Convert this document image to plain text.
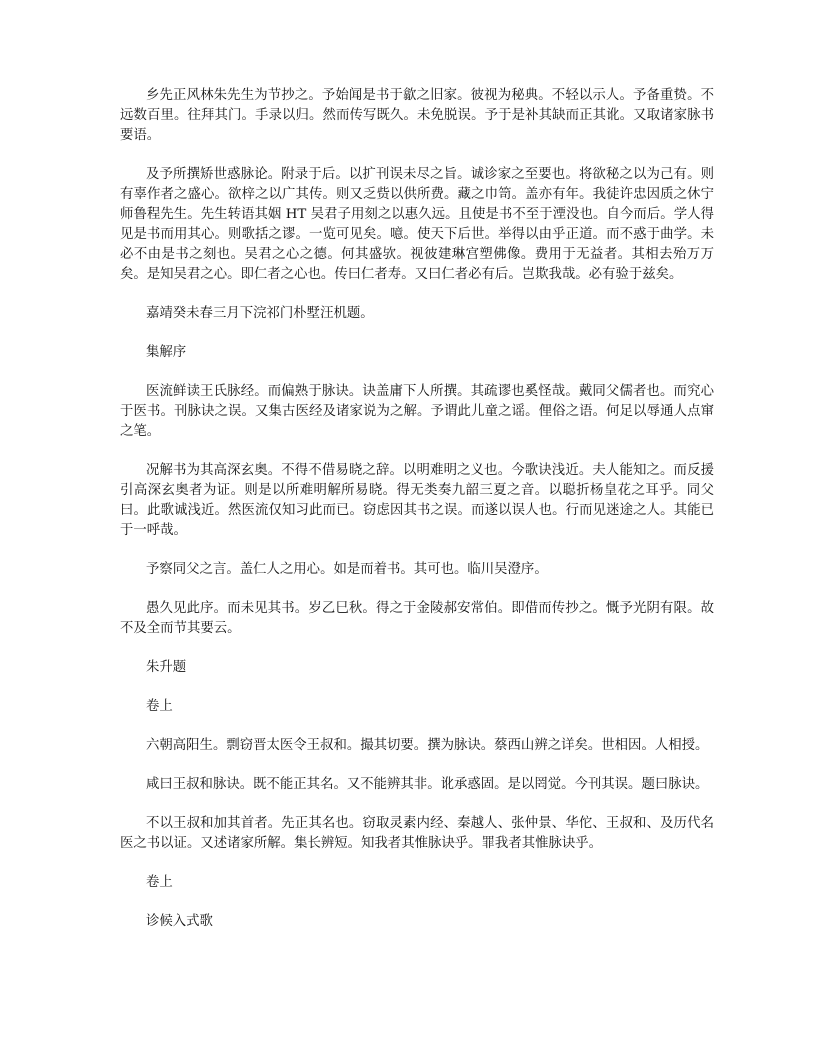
乡先正风林朱先生为节抄之。予始闻是书于歙之旧家。彼视为秘典。不轻以示人。予备重贽。不远数百里。往拜其门。手录以归。然而传写既久。未免脱误。予于是补其缺而正其讹。又取诸家脉书要语。

及予所撰矫世惑脉论。附录于后。以扩刊误未尽之旨。诚诊家之至要也。将欲秘之以为己有。则有辜作者之盛心。欲梓之以广其传。则又乏赀以供所费。藏之巾笥。盖亦有年。我徒许忠因质之休宁师鲁程先生。先生转语其姻 HT 吴君子用刻之以惠久远。且使是书不至于湮没也。自今而后。学人得见是书而用其心。则歌括之谬。一览可见矣。噫。使天下后世。举得以由乎正道。而不惑于曲学。未必不由是书之刻也。吴君之心之德。何其盛欤。视彼建琳宫塑佛像。费用于无益者。其相去殆万万矣。是知吴君之心。即仁者之心也。传曰仁者寿。又曰仁者必有后。岂欺我哉。必有验于兹矣。

嘉靖癸未春三月下浣祁门朴墅汪机题。

集解序

医流鲜读王氏脉经。而偏熟于脉诀。诀盖庸下人所撰。其疏谬也奚怪哉。戴同父儒者也。而究心于医书。刊脉诀之误。又集古医经及诸家说为之解。予谓此儿童之谣。俚俗之语。何足以辱通人点窜之笔。

况解书为其高深玄奥。不得不借易晓之辞。以明难明之义也。今歌诀浅近。夫人能知之。而反援引高深玄奥者为证。则是以所难明解所易晓。得无类奏九韶三夏之音。以聪折杨皇花之耳乎。同父曰。此歌诚浅近。然医流仅知习此而已。窃虑因其书之误。而遂以误人也。行而见迷途之人。其能已于一呼哉。

予察同父之言。盖仁人之用心。如是而着书。其可也。临川吴澄序。

愚久见此序。而未见其书。岁乙巳秋。得之于金陵郝安常伯。即借而传抄之。慨予光阴有限。故不及全而节其要云。

朱升题

卷上

六朝高阳生。剽窃晋太医令王叔和。撮其切要。撰为脉诀。蔡西山辨之详矣。世相因。人相授。

咸曰王叔和脉诀。既不能正其名。又不能辨其非。讹承惑固。是以罔觉。今刊其误。题曰脉诀。

不以王叔和加其首者。先正其名也。窃取灵素内经、秦越人、张仲景、华佗、王叔和、及历代名医之书以证。又述诸家所解。集长辨短。知我者其惟脉诀乎。罪我者其惟脉诀乎。

卷上

诊候入式歌
